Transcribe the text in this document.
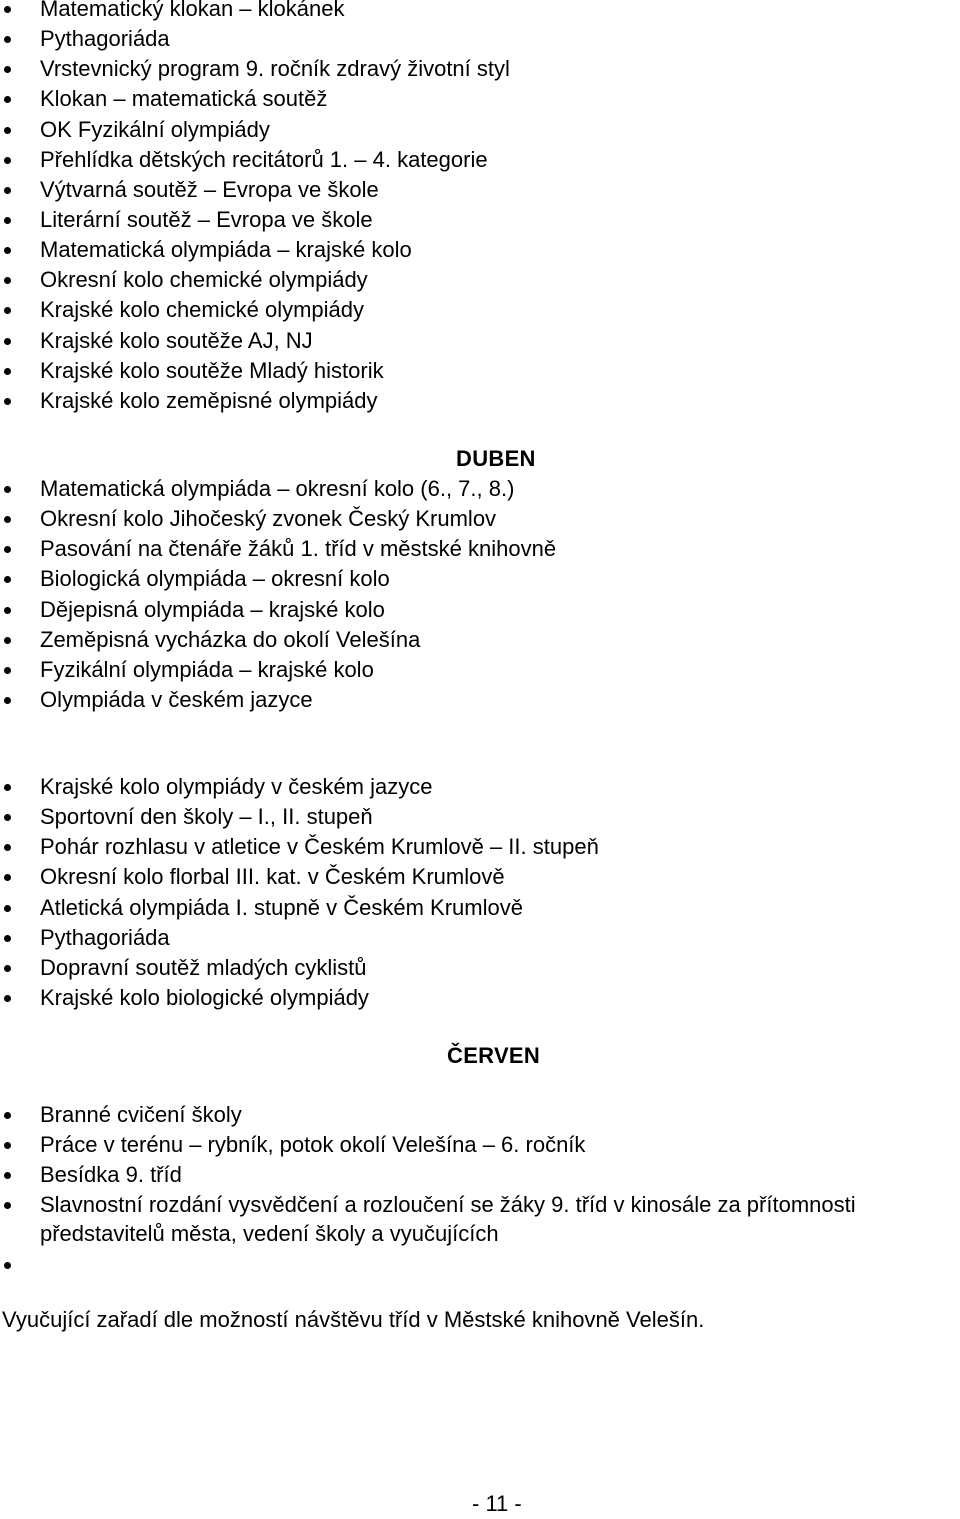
Matematický klokan – klokánek
Pythagoriáda
Vrstevnický program 9. ročník zdravý životní styl
Klokan – matematická soutěž
OK Fyzikální olympiády
Přehlídka dětských recitátorů 1. – 4. kategorie
Výtvarná soutěž – Evropa ve škole
Literární soutěž – Evropa ve škole
Matematická olympiáda – krajské kolo
Okresní kolo chemické olympiády
Krajské kolo chemické olympiády
Krajské kolo soutěže AJ, NJ
Krajské kolo soutěže Mladý historik
Krajské kolo zeměpisné olympiády
DUBEN
Matematická olympiáda – okresní kolo (6., 7., 8.)
Okresní kolo Jihočeský zvonek Český Krumlov
Pasování na čtenáře žáků 1. tříd v městské knihovně
Biologická olympiáda – okresní kolo
Dějepisná olympiáda – krajské kolo
Zeměpisná vycházka do okolí Velešína
Fyzikální olympiáda – krajské kolo
Olympiáda v českém jazyce
Krajské kolo olympiády v českém jazyce
Sportovní den školy – I., II. stupeň
Pohár rozhlasu v atletice v Českém Krumlově – II. stupeň
Okresní kolo florbal III. kat. v Českém Krumlově
Atletická olympiáda I. stupně v Českém Krumlově
Pythagoriáda
Dopravní soutěž mladých cyklistů
Krajské kolo biologické olympiády
ČERVEN
Branné cvičení školy
Práce v terénu – rybník, potok okolí Velešína – 6. ročník
Besídka 9. tříd
Slavnostní rozdání vysvědčení a rozloučení se žáky 9. tříd v kinosále za přítomnosti představitelů města, vedení školy a vyučujících
Vyučující zařadí dle možností návštěvu tříd v Městské knihovně Velešín.
- 11 -
